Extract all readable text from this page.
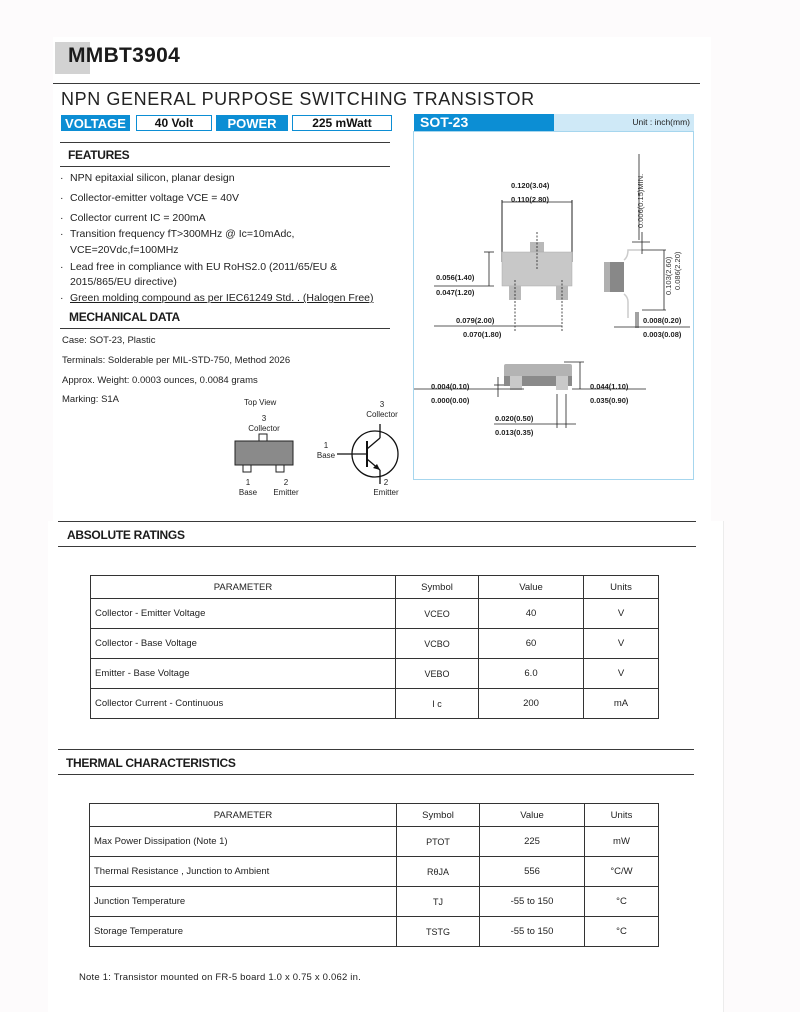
MMBT3904
NPN GENERAL PURPOSE SWITCHING TRANSISTOR
VOLTAGE	40 Volt	POWER	225 mWatt
FEATURES
· NPN epitaxial silicon, planar design
· Collector-emitter voltage VCE = 40V
· Collector current IC = 200mA
· Transition frequency fT>300MHz @ Ic=10mAdc,
VCE=20Vdc,f=100MHz
· Lead free in compliance with EU RoHS2.0 (2011/65/EU &
2015/865/EU directive)
· Green molding compound as per IEC61249 Std. . (Halogen Free)
MECHANICAL DATA
Case: SOT-23, Plastic
Terminals: Solderable per MIL-STD-750, Method 2026
Approx. Weight: 0.0003 ounces, 0.0084 grams
Marking: S1A	Top View
3
Collector
1
Base
2
Emitter
3
Collector
1
Base
2
Emitter
SOT-23	Unit : inch(mm)
0.120(3.04)
0.110(2.80)	0.006(0.15)MIN.
0.056(1.40)
0.047(1.20)	0.103(2.60) 0.086(2.20)
0.079(2.00)
0.070(1.80)
0.008(0.20)
0.003(0.08)
0.004(0.10)
0.000(0.00)
0.044(1.10)
0.035(0.90)
0.020(0.50)
0.013(0.35)
ABSOLUTE RATINGS
PARAMETER	Symbol	Value	Units
Collector - Emitter Voltage	VCEO	40	V
Collector - Base Voltage	VCBO	60	V
Emitter - Base Voltage	VEBO	6.0	V
Collector Current - Continuous	I c	200	mA
THERMAL CHARACTERISTICS
PARAMETER	Symbol	Value	Units
Max Power Dissipation (Note 1)	PTOT	225	mW
Thermal Resistance , Junction to Ambient	RθJA	556	°C/W
Junction Temperature	TJ	-55 to 150	°C
Storage Temperature	TSTG	-55 to 150	°C
Note 1: Transistor mounted on FR-5 board 1.0 x 0.75 x 0.062 in.
